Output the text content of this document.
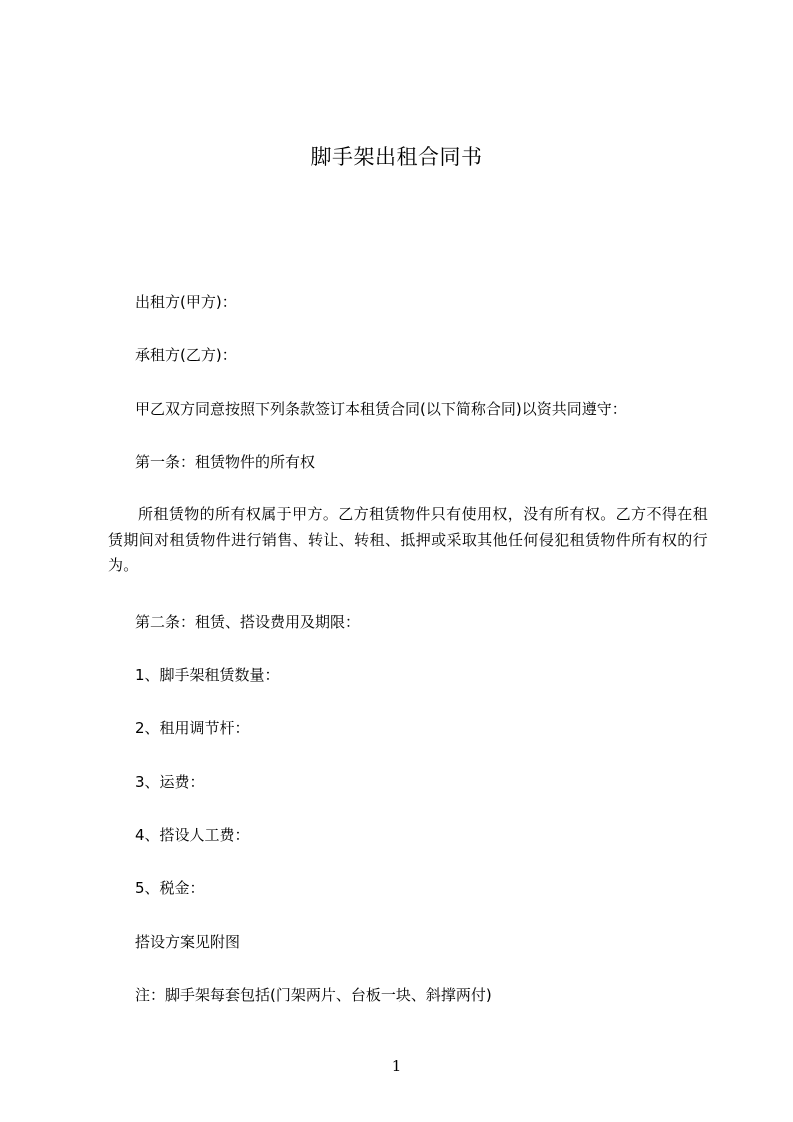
脚手架出租合同书
出租方(甲方)：
承租方(乙方)：
甲乙双方同意按照下列条款签订本租赁合同(以下简称合同)以资共同遵守：
第一条：租赁物件的所有权
所租赁物的所有权属于甲方。乙方租赁物件只有使用权，没有所有权。乙方不得在租赁期间对租赁物件进行销售、转让、转租、抵押或采取其他任何侵犯租赁物件所有权的行为。
第二条：租赁、搭设费用及期限：
1、脚手架租赁数量：
2、租用调节杆：
3、运费：
4、搭设人工费：
5、税金：
搭设方案见附图
注：脚手架每套包括(门架两片、台板一块、斜撑两付)
1
